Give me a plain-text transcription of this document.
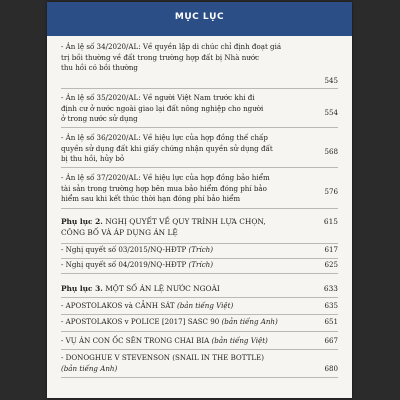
MỤC LỤC
- Án lệ số 34/2020/AL: Về quyền lập di chúc chỉ định đoạt giá
trị bồi thường về đất trong trường hợp đất bị Nhà nước
thu hồi có bồi thường
545
- Án lệ số 35/2020/AL: Về người Việt Nam trước khi đi
định cư ở nước ngoài giao lại đất nông nghiệp cho người
ở trong nước sử dụng
554
- Án lệ số 36/2020/AL: Về hiệu lực của hợp đồng thế chấp
quyền sử dụng đất khi giấy chứng nhận quyền sử dụng đất
bị thu hồi, hủy bỏ
568
- Án lệ số 37/2020/AL: Về hiệu lực của hợp đồng bảo hiểm
tài sản trong trường hợp bên mua bảo hiểm đóng phí bảo
hiểm sau khi kết thúc thời hạn đóng phí bảo hiểm
576
Phụ lục 2. NGHỊ QUYẾT VỀ QUY TRÌNH LỰA CHỌN,	615
CÔNG BỐ VÀ ÁP DỤNG ÁN LỆ
- Nghị quyết số 03/2015/NQ-HĐTP (Trích)	617
- Nghị quyết số 04/2019/NQ-HĐTP (Trích)	625
Phụ lục 3. MỘT SỐ ÁN LỆ NƯỚC NGOÀI	633
- APOSTOLAKOS và CẢNH SÁT (bản tiếng Việt)	635
- APOSTOLAKOS v POLICE [2017] SASC 90 (bản tiếng Anh)	651
- VỤ ÁN CON ỐC SÊN TRONG CHAI BIA (bản tiếng Việt)	667
- DONOGHUE V STEVENSON (SNAIL IN THE BOTTLE)
(bản tiếng Anh)	680
